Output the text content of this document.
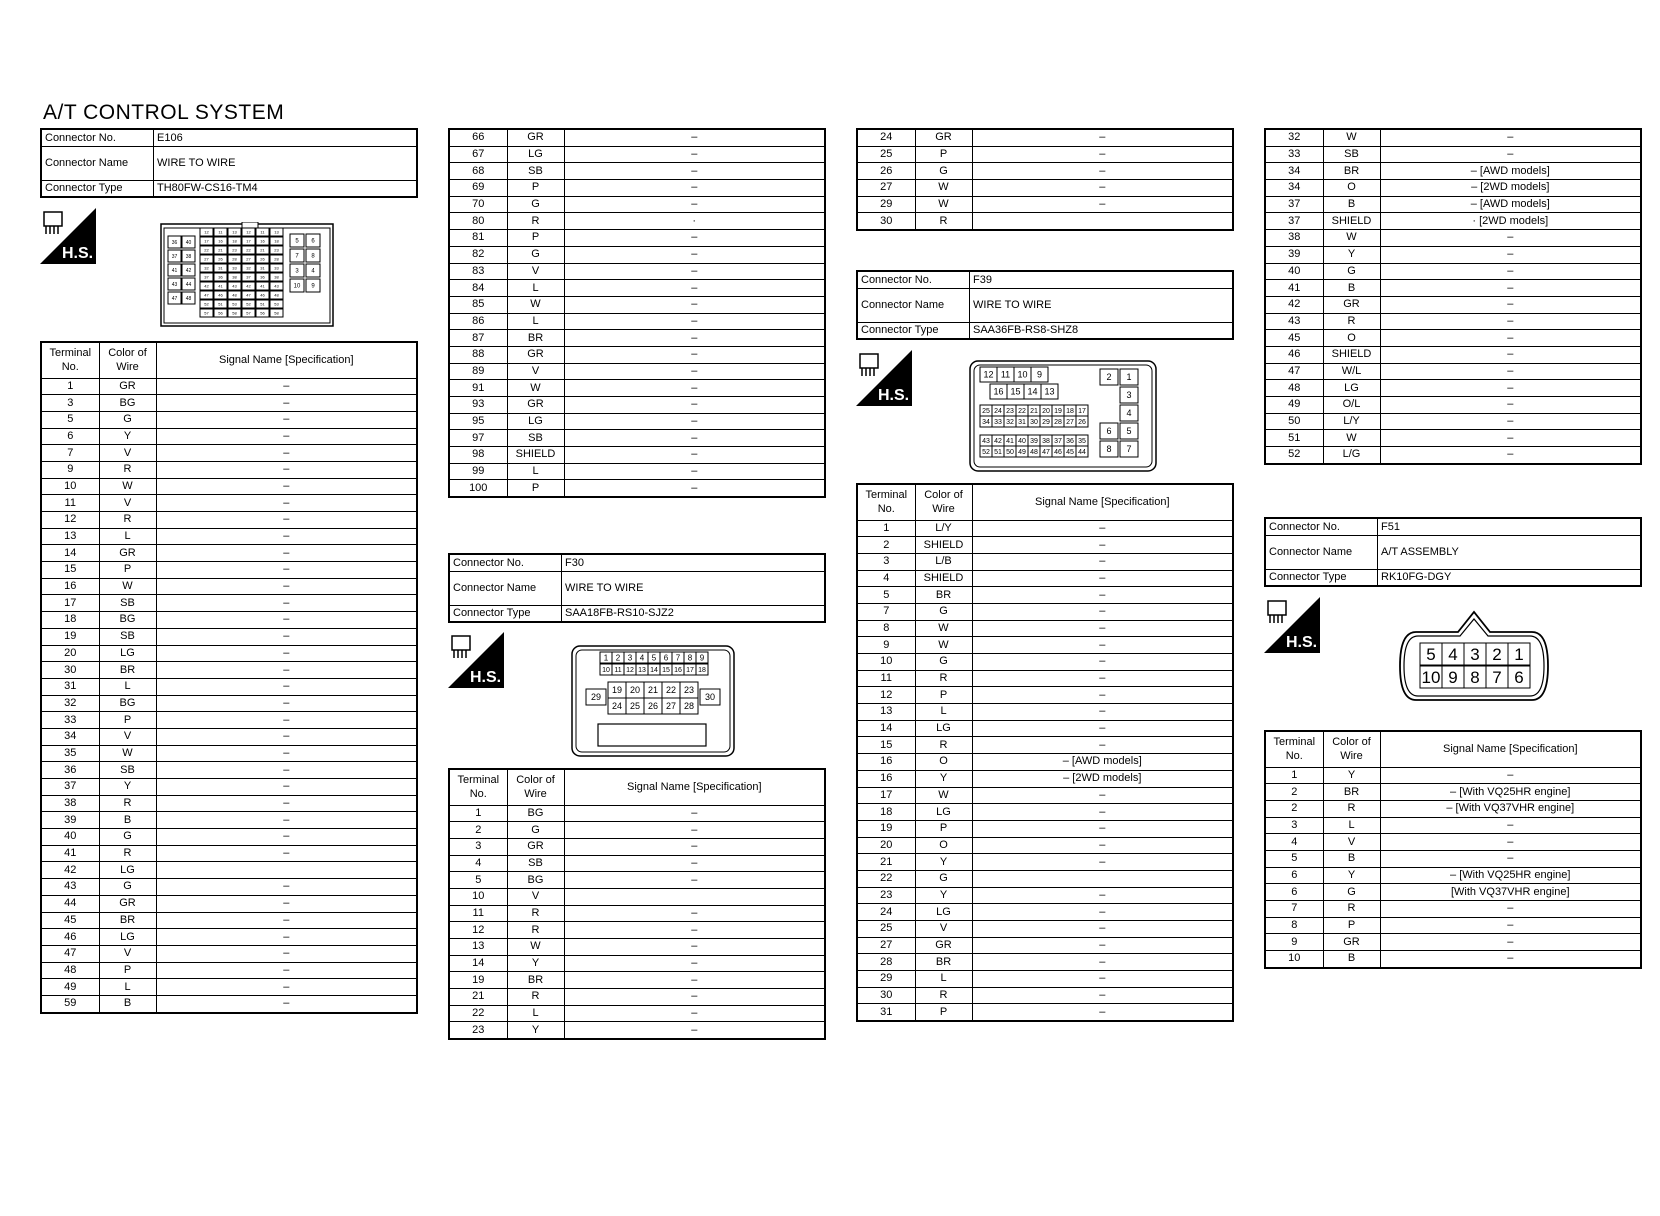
A/T CONTROL SYSTEM
Connector No.	E106
Connector Name	WIRE TO WIRE
Connector Type	TH80FW-CS16-TM4
H.S.
36 40
37 38
41 42
43 44
47 48
12
17
22
27
32
37
42
47
52
57
11
16
21
26
31
36
41
46
51
56
13
18
23
28
33
38
43
48
53
58
12
17
22
27
32
37
42
47
52
57
11
16
21
26
31
36
41
46
51
56
13
18
23
28
33
38
43
48
53
58
5 6
7 8
3 4
10 9
Terminal No.	Color of Wire	Signal Name [Specification]
1	GR	–
3	BG	–
5	G	–
6	Y	–
7	V	–
9	R	–
10	W	–
11	V	–
12	R	–
13	L	–
14	GR	–
15	P	–
16	W	–
17	SB	–
18	BG	–
19	SB	–
20	LG	–
30	BR	–
31	L	–
32	BG	–
33	P	–
34	V	–
35	W	–
36	SB	–
37	Y	–
38	R	–
39	B	–
40	G	–
41	R	–
42	LG	
43	G	–
44	GR	–
45	BR	–
46	LG	–
47	V	–
48	P	–
49	L	–
59	B	–
66	GR	–
67	LG	–
68	SB	–
69	P	–
70	G	–
80	R	·
81	P	–
82	G	–
83	V	–
84	L	–
85	W	–
86	L	–
87	BR	–
88	GR	–
89	V	–
91	W	–
93	GR	–
95	LG	–
97	SB	–
98	SHIELD	–
99	L	–
100	P	–
Connector No.	F30
Connector Name	WIRE TO WIRE
Connector Type	SAA18FB-RS10-SJZ2
H.S.
1 2 3 4 5 6 7 8 9
10 11 12 13 14 15 16 17 18
19 20 21 22 23
24 25 26 27 28
29	30
Terminal No.	Color of Wire	Signal Name [Specification]
1	BG	–
2	G	–
3	GR	–
4	SB	–
5	BG	–
10	V	
11	R	–
12	R	–
13	W	–
14	Y	–
19	BR	–
21	R	–
22	L	–
23	Y	–
24	GR	–
25	P	–
26	G	–
27	W	–
29	W	–
30	R	
Connector No.	F39
Connector Name	WIRE TO WIRE
Connector Type	SAA36FB-RS8-SHZ8
H.S.
12 11 10 9
16 15 14 13
25 24 23 22 21 20 19 18 17
34 33 32 31 30 29 28 27 26
43 42 41 40 39 38 37 36 35
52 51 50 49 48 47 46 45 44
2 1
3
4
6 5
8 7
Terminal No.	Color of Wire	Signal Name [Specification]
1	L/Y	–
2	SHIELD	–
3	L/B	–
4	SHIELD	–
5	BR	–
7	G	–
8	W	–
9	W	–
10	G	–
11	R	–
12	P	–
13	L	–
14	LG	–
15	R	–
16	O	– [AWD models]
16	Y	– [2WD models]
17	W	–
18	LG	–
19	P	–
20	O	–
21	Y	–
22	G	
23	Y	–
24	LG	–
25	V	–
27	GR	–
28	BR	–
29	L	–
30	R	–
31	P	–
32	W	–
33	SB	–
34	BR	– [AWD models]
34	O	– [2WD models]
37	B	– [AWD models]
37	SHIELD	· [2WD models]
38	W	–
39	Y	–
40	G	–
41	B	–
42	GR	–
43	R	–
45	O	–
46	SHIELD	–
47	W/L	–
48	LG	–
49	O/L	–
50	L/Y	–
51	W	–
52	L/G	–
Connector No.	F51
Connector Name	A/T ASSEMBLY
Connector Type	RK10FG-DGY
H.S.
5 4 3 2 1
10 9 8 7 6
Terminal No.	Color of Wire	Signal Name [Specification]
1	Y	–
2	BR	– [With VQ25HR engine]
2	R	– [With VQ37VHR engine]
3	L	–
4	V	–
5	B	–
6	Y	– [With VQ25HR engine]
6	G	[With VQ37VHR engine]
7	R	–
8	P	–
9	GR	–
10	B	–
